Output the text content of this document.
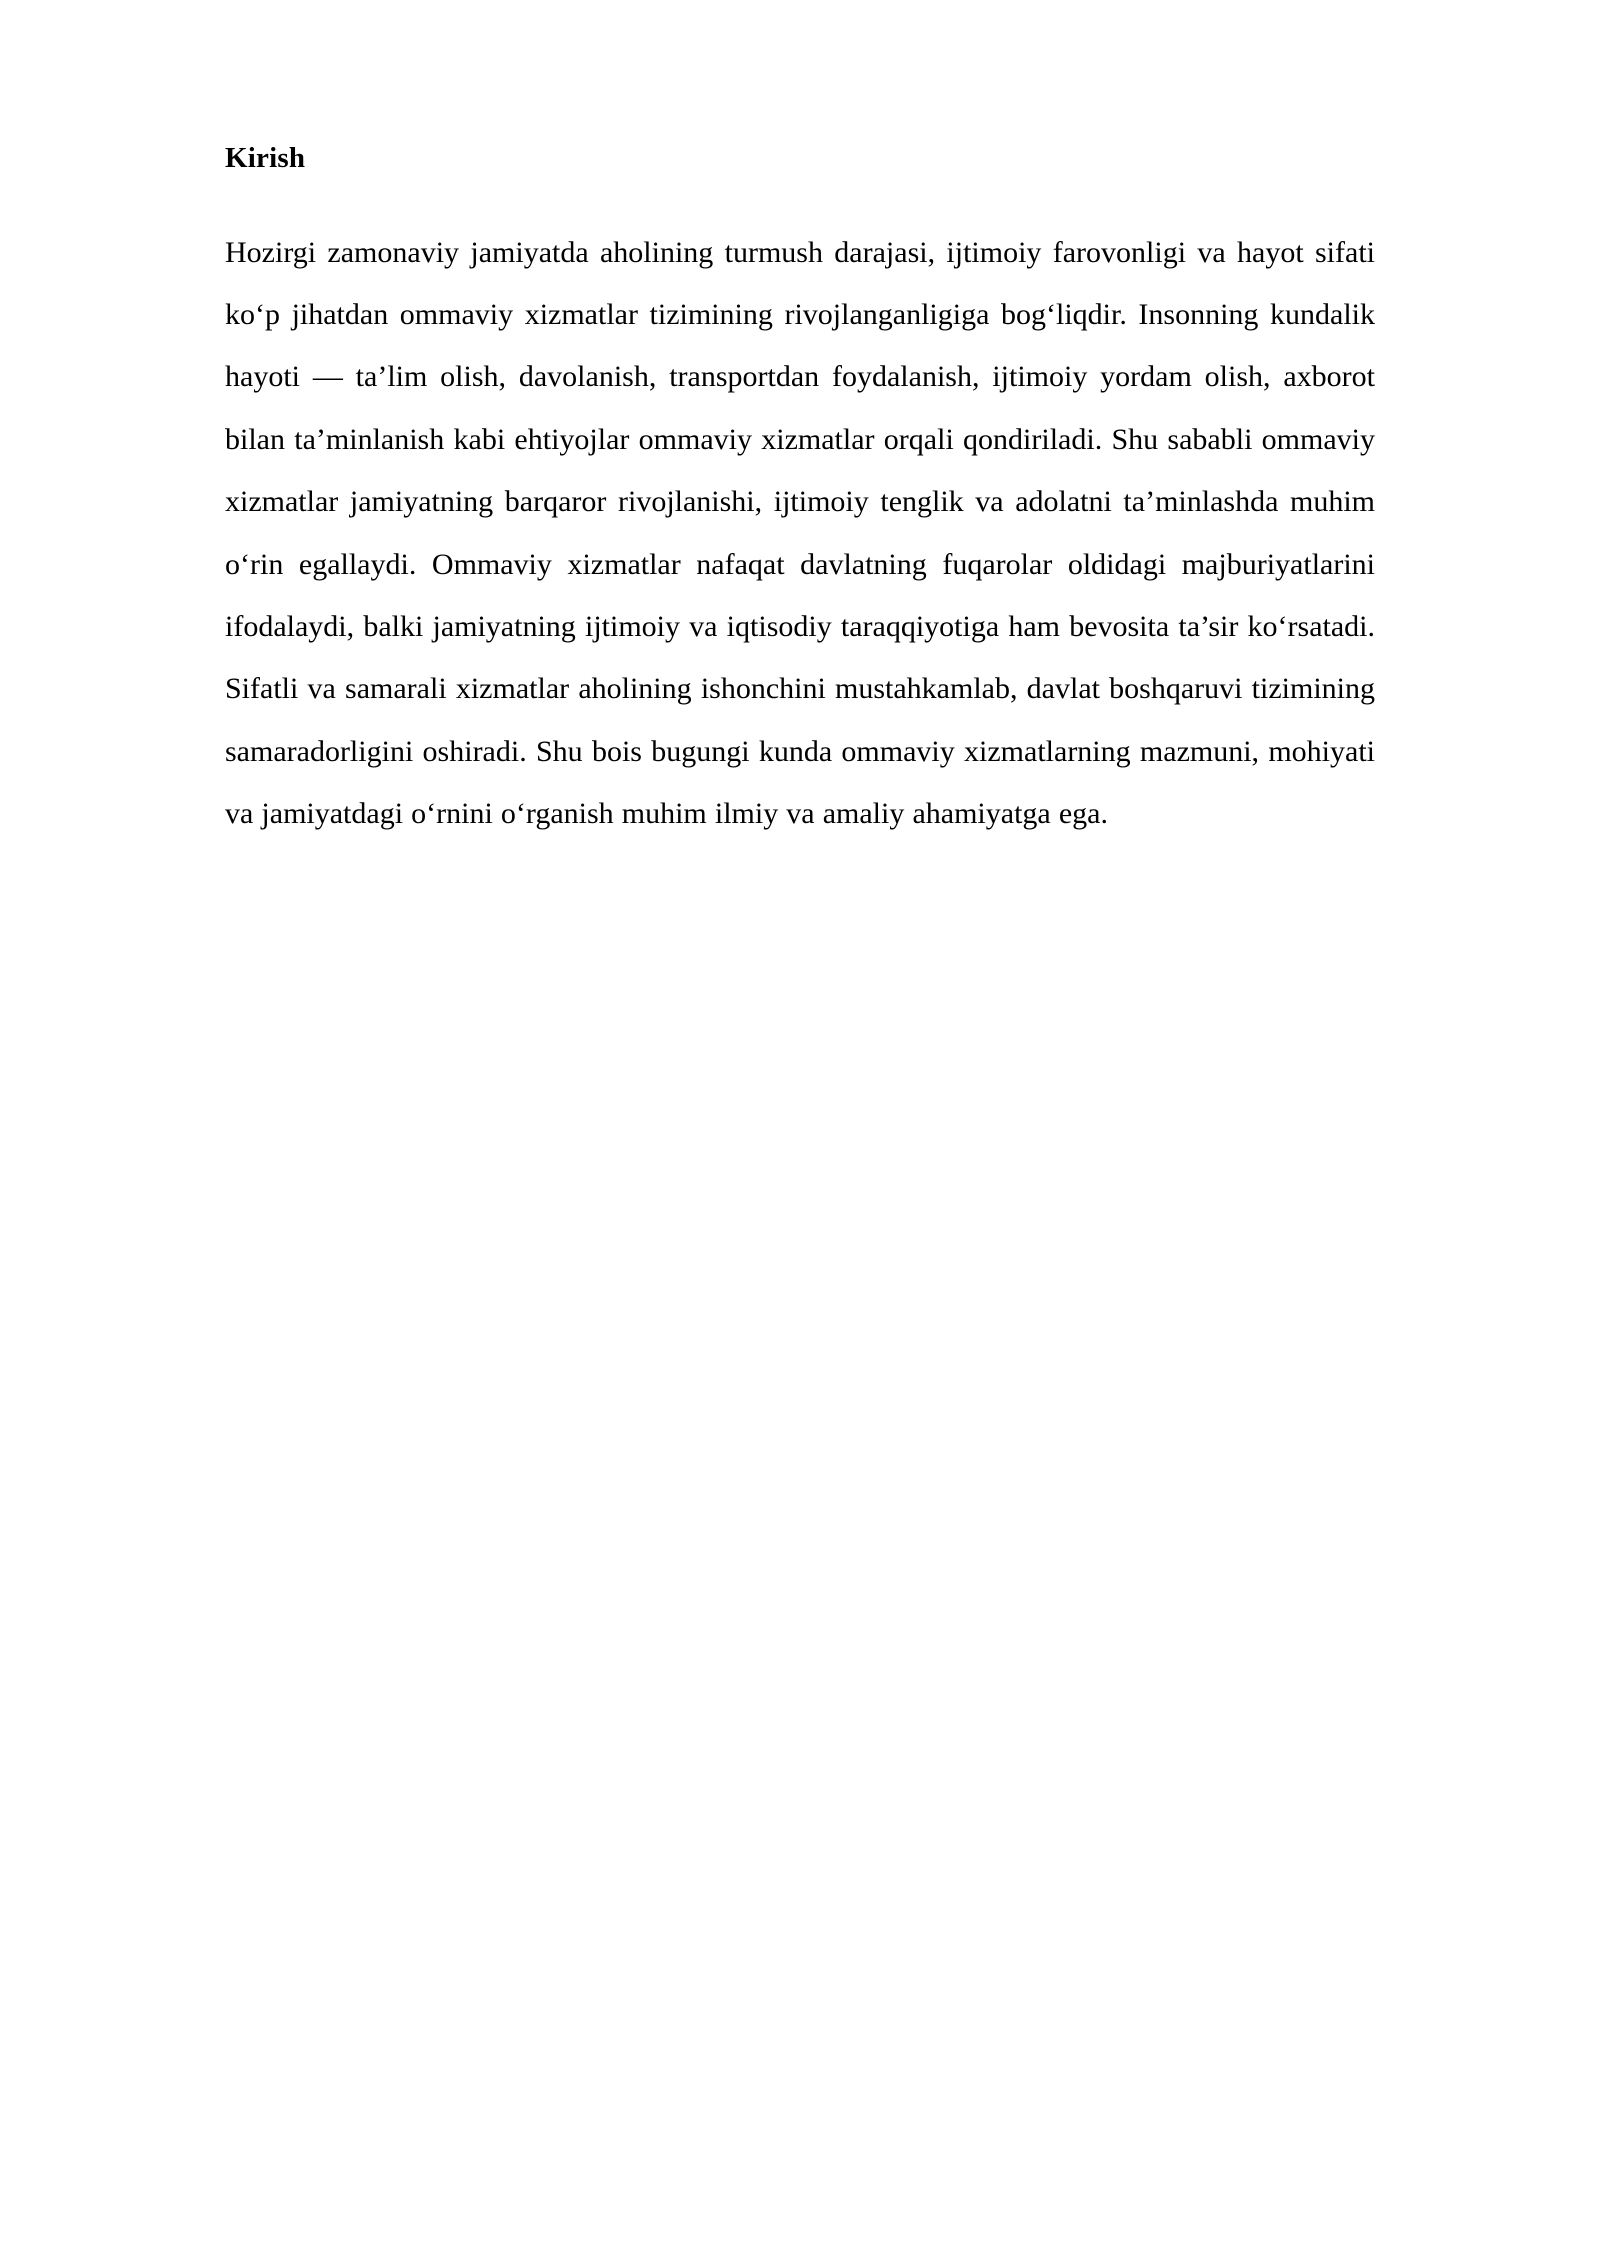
Kirish

Hozirgi zamonaviy jamiyatda aholining turmush darajasi, ijtimoiy farovonligi va hayot sifati ko‘p jihatdan ommaviy xizmatlar tizimining rivojlanganligiga bog‘liqdir. Insonning kundalik hayoti — ta’lim olish, davolanish, transportdan foydalanish, ijtimoiy yordam olish, axborot bilan ta’minlanish kabi ehtiyojlar ommaviy xizmatlar orqali qondiriladi. Shu sababli ommaviy xizmatlar jamiyatning barqaror rivojlanishi, ijtimoiy tenglik va adolatni ta’minlashda muhim o‘rin egallaydi. Ommaviy xizmatlar nafaqat davlatning fuqarolar oldidagi majburiyatlarini ifodalaydi, balki jamiyatning ijtimoiy va iqtisodiy taraqqiyotiga ham bevosita ta’sir ko‘rsatadi. Sifatli va samarali xizmatlar aholining ishonchini mustahkamlab, davlat boshqaruvi tizimining samaradorligini oshiradi. Shu bois bugungi kunda ommaviy xizmatlarning mazmuni, mohiyati va jamiyatdagi o‘rnini o‘rganish muhim ilmiy va amaliy ahamiyatga ega.
